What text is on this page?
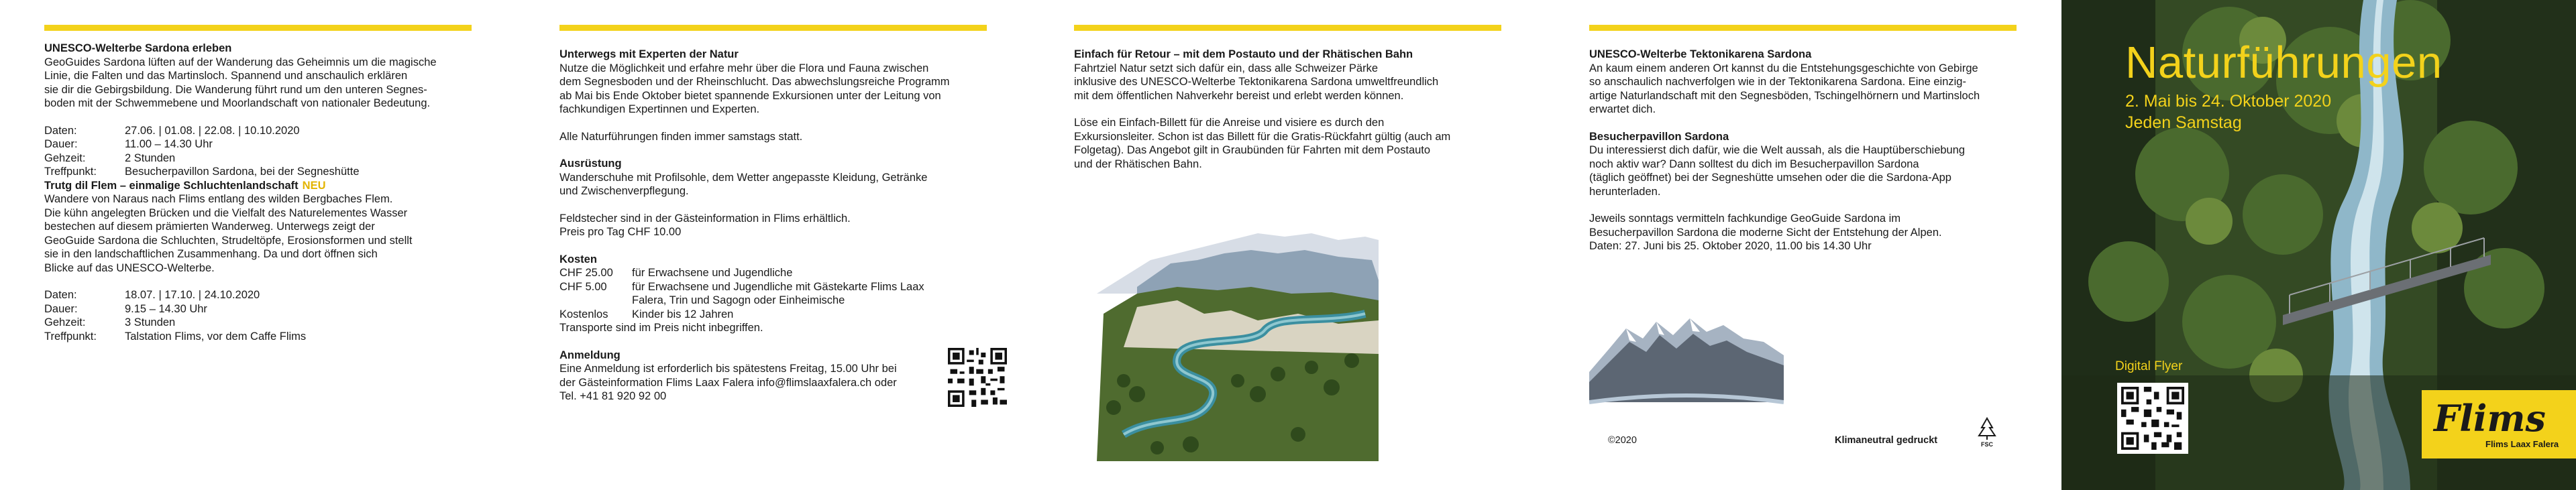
UNESCO-Welterbe Sardona erleben

GeoGuides Sardona lüften auf der Wanderung das Geheimnis um die magische

Linie, die Falten und das Martinsloch. Spannend und anschaulich erklären

sie dir die Gebirgsbildung. Die Wanderung führt rund um den unteren Segnes-

boden mit der Schwemmebene und Moorlandschaft von nationaler Bedeutung.

Daten:	27.06. | 01.08. | 22.08. | 10.10.2020
Dauer:	11.00 – 14.30 Uhr
Gehzeit:	2 Stunden
Treffpunkt:	Besucherpavillon Sardona, bei der Segneshütte

Trutg dil Flem – einmalige Schluchtenlandschaft NEU

Wandere von Naraus nach Flims entlang des wilden Bergbaches Flem.

Die kühn angelegten Brücken und die Vielfalt des Naturelementes Wasser

bestechen auf diesem prämierten Wanderweg. Unterwegs zeigt der

GeoGuide Sardona die Schluchten, Strudeltöpfe, Erosionsformen und stellt

sie in den landschaftlichen Zusammenhang. Da und dort öffnen sich

Blicke auf das UNESCO-Welterbe.

Daten:	18.07. | 17.10. | 24.10.2020
Dauer:	9.15 – 14.30 Uhr
Gehzeit:	3 Stunden
Treffpunkt:	Talstation Flims, vor dem Caffe Flims

Unterwegs mit Experten der Natur

Nutze die Möglichkeit und erfahre mehr über die Flora und Fauna zwischen

dem Segnesboden und der Rheinschlucht. Das abwechslungsreiche Programm

ab Mai bis Ende Oktober bietet spannende Exkursionen unter der Leitung von

fachkundigen Expertinnen und Experten.

Alle Naturführungen finden immer samstags statt.

Ausrüstung

Wanderschuhe mit Profilsohle, dem Wetter angepasste Kleidung, Getränke

und Zwischenverpflegung.

Feldstecher sind in der Gästeinformation in Flims erhältlich.

Preis pro Tag CHF 10.00

Kosten

CHF 25.00	für Erwachsene und Jugendliche
CHF 5.00	für Erwachsene und Jugendliche mit Gästekarte Flims Laax
Falera, Trin und Sagogn oder Einheimische
Kostenlos	Kinder bis 12 Jahren

Transporte sind im Preis nicht inbegriffen.

Anmeldung

Eine Anmeldung ist erforderlich bis spätestens Freitag, 15.00 Uhr bei

der Gästeinformation Flims Laax Falera info@flimslaaxfalera.ch oder

Tel. +41 81 920 92 00

Einfach für Retour – mit dem Postauto und der Rhätischen Bahn

Fahrtziel Natur setzt sich dafür ein, dass alle Schweizer Pärke

inklusive des UNESCO-Welterbe Tektonikarena Sardona umweltfreundlich

mit dem öffentlichen Nahverkehr bereist und erlebt werden können.

Löse ein Einfach-Billett für die Anreise und visiere es durch den

Exkursionsleiter. Schon ist das Billett für die Gratis-Rückfahrt gültig (auch am

Folgetag). Das Angebot gilt in Graubünden für Fahrten mit dem Postauto

und der Rhätischen Bahn.

UNESCO-Welterbe Tektonikarena Sardona

An kaum einem anderen Ort kannst du die Entstehungsgeschichte von Gebirge

so anschaulich nachverfolgen wie in der Tektonikarena Sardona. Eine einzig-

artige Naturlandschaft mit den Segnesböden, Tschingelhörnern und Martinsloch

erwartet dich.

Besucherpavillon Sardona

Du interessierst dich dafür, wie die Welt aussah, als die Hauptüberschiebung

noch aktiv war? Dann solltest du dich im Besucherpavillon Sardona

(täglich geöffnet) bei der Segneshütte umsehen oder die die Sardona-App

herunterladen.

Jeweils sonntags vermitteln fachkundige GeoGuide Sardona im

Besucherpavillon Sardona die moderne Sicht der Entstehung der Alpen.

Daten: 27. Juni bis 25. Oktober 2020, 11.00 bis 14.30 Uhr

©2020	Klimaneutral gedruckt	FSC
Naturführungen
2. Mai bis 24. Oktober 2020
Jeden Samstag
Digital Flyer
Flims
Flims Laax Falera
